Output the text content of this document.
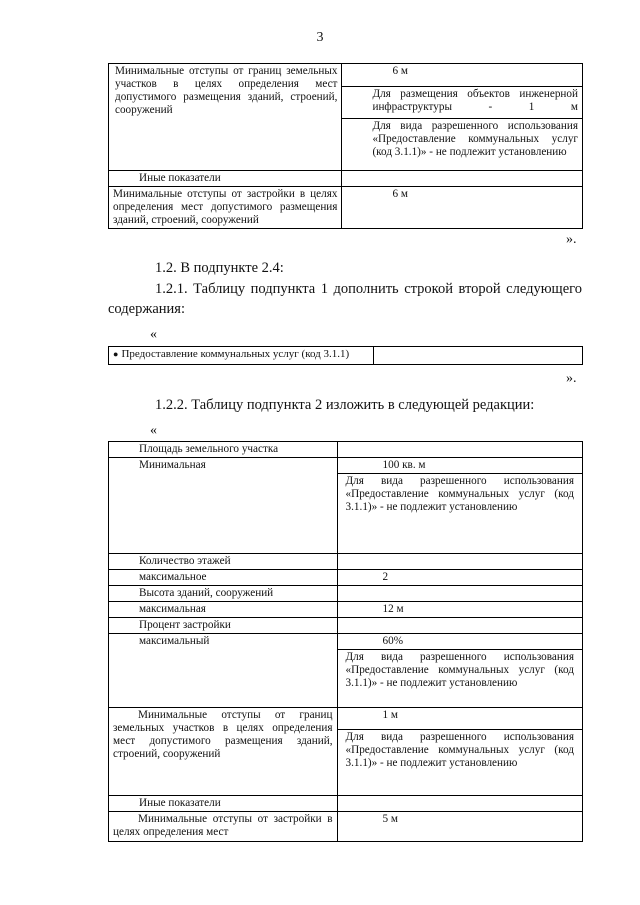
3
Минимальные отступы от границ земельных участков в целях определения мест допустимого размещения зданий, строений, сооружений	6 м
	Для размещения объектов инженерной инфраструктуры - 1 м
	Для вида разрешенного использования «Предоставление коммунальных услуг (код 3.1.1)» - не подлежит установлению
Иные показатели	
Минимальные отступы от застройки в целях определения мест допустимого размещения зданий, строений, сооружений	6 м
».
1.2. В подпункте 2.4:
1.2.1. Таблицу подпункта 1 дополнить строкой второй следующего содержания:
«
● Предоставление коммунальных услуг (код 3.1.1)	
».
1.2.2. Таблицу подпункта 2 изложить в следующей редакции:
«
Площадь земельного участка	
Минимальная	100 кв. м
	Для вида разрешенного использования «Предоставление коммунальных услуг (код 3.1.1)» - не подлежит установлению
Количество этажей	
максимальное	2
Высота зданий, сооружений	
максимальная	12 м
Процент застройки	
максимальный	60%
	Для вида разрешенного использования «Предоставление коммунальных услуг (код 3.1.1)» - не подлежит установлению
Минимальные отступы от границ земельных участков в целях определения мест допустимого размещения зданий, строений, сооружений	1 м
	Для вида разрешенного использования «Предоставление коммунальных услуг (код 3.1.1)» - не подлежит установлению
Иные показатели	
Минимальные отступы от застройки в целях определения мест	5 м
